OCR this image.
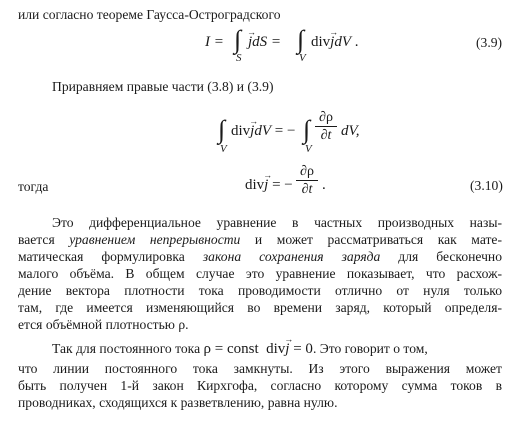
или согласно теореме Гаусса-Остроградского
I = ∫
S
j →dS = ∫
V
divj →dV .	(3.9)
Приравняем правые части (3.8) и (3.9)
∫
V
divj →dV = − ∫
V
∂ρ
∂t dV,
тогда	divj → = −
∂ρ
∂t .	(3.10)
Это дифференциальное уравнение в частных производных назы-
вается уравнением непрерывности и может рассматриваться как мате-
матическая формулировка закона сохранения заряда для бесконечно
малого объёма. В общем случае это уравнение показывает, что расхож-
дение вектора плотности тока проводимости отлично от нуля только
там, где имеется изменяющийся во времени заряд, который определя-
ется объёмной плотностью ρ.
Так для постоянного тока ρ = const  divj → = 0. Это говорит о том,
что линии постоянного тока замкнуты. Из этого выражения может
быть получен 1-й закон Кирхгофа, согласно которому сумма токов в
проводниках, сходящихся к разветвлению, равна нулю.
